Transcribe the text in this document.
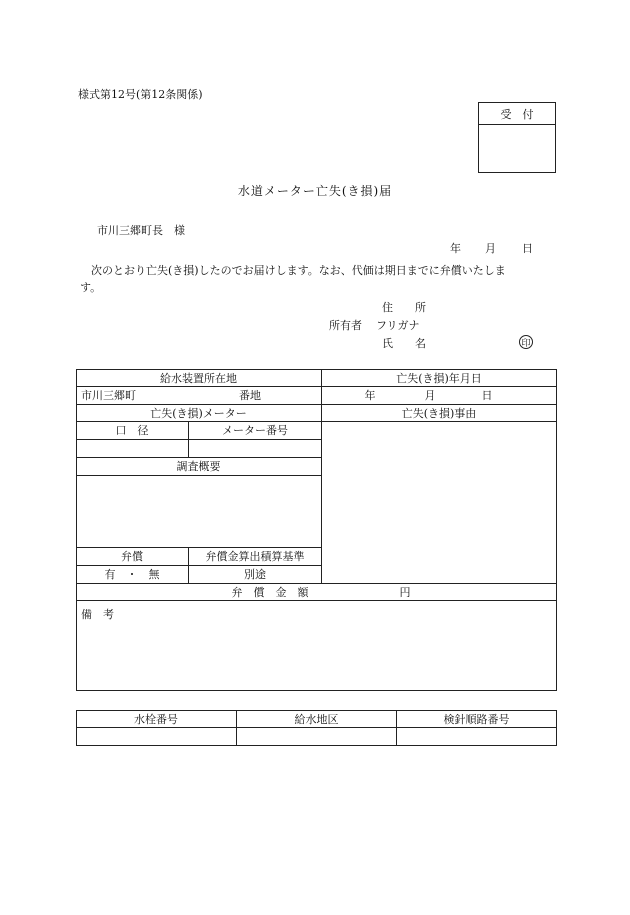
様式第12号(第12条関係)
受　付
水道メーター亡失(き損)届
市川三郷町長　様
年 月 日
次のとおり亡失(き損)したのでお届けします。なお、代価は期日までに弁償いたしま
す。
住　　所
所有者 フリガナ
氏　　名	印
給水装置所在地	亡失(き損)年月日
市川三郷町	番地	年	月	日
亡失(き損)メーター	亡失(き損)事由
口　径	メーター番号
調査概要
弁償	弁償金算出積算基準
有　・　無	別途
弁　償　金　額	円
備　考
水栓番号	給水地区	検針順路番号
